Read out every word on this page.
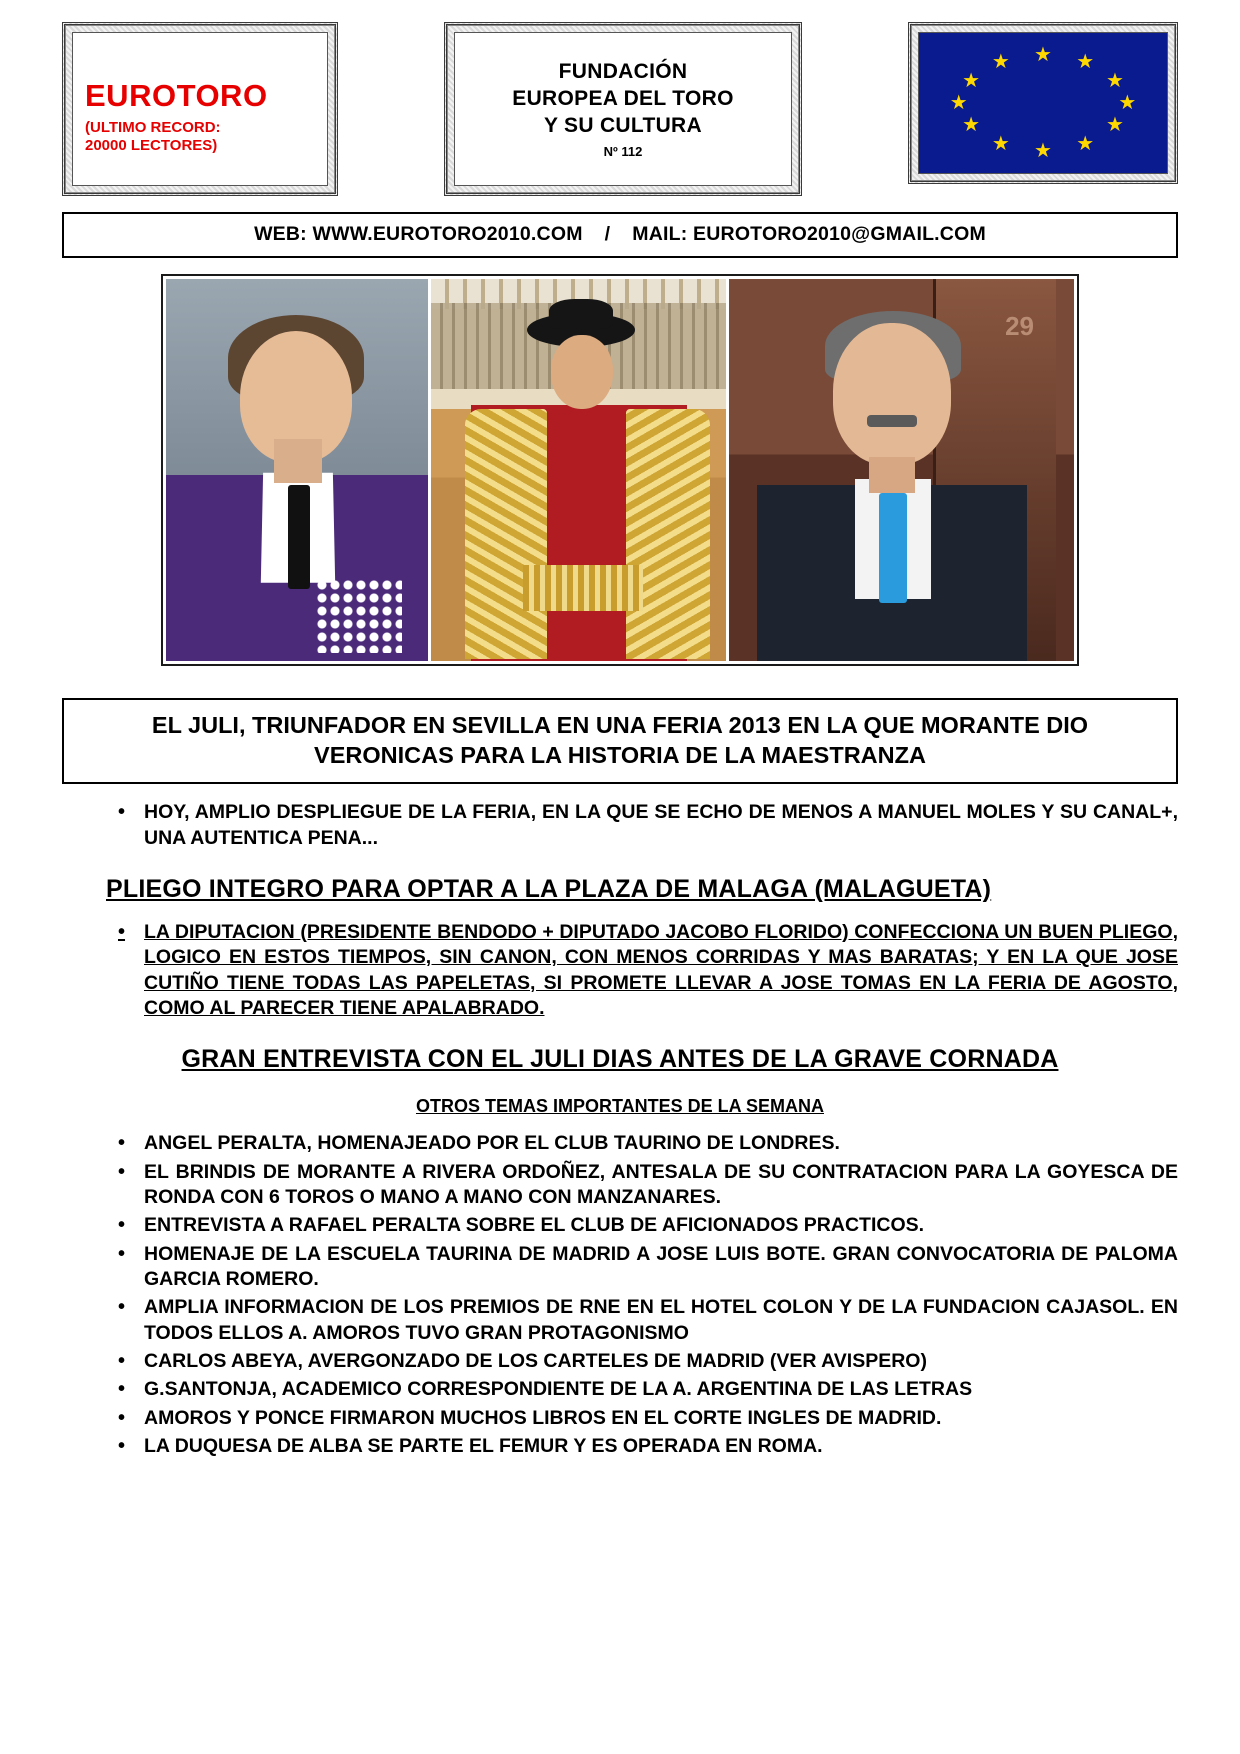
EUROTORO
(ULTIMO RECORD:
20000 LECTORES)
FUNDACIÓN
EUROPEA DEL TORO
Y SU CULTURA
Nº 112
★ ★
★
★
★
★
★
★
★
★
★
★
WEB: WWW.EUROTORO2010.COM / MAIL: EUROTORO2010@GMAIL.COM
29
EL JULI, TRIUNFADOR EN SEVILLA EN UNA FERIA 2013 EN LA QUE MORANTE DIO VERONICAS PARA LA HISTORIA DE LA MAESTRANZA
• HOY, AMPLIO DESPLIEGUE DE LA FERIA, EN LA QUE SE ECHO DE MENOS A MANUEL MOLES Y SU CANAL+, UNA AUTENTICA PENA...
PLIEGO INTEGRO PARA OPTAR A LA PLAZA DE MALAGA (MALAGUETA)
• LA DIPUTACION (PRESIDENTE BENDODO + DIPUTADO JACOBO FLORIDO) CONFECCIONA UN BUEN PLIEGO, LOGICO EN ESTOS TIEMPOS, SIN CANON, CON MENOS CORRIDAS Y MAS BARATAS; Y EN LA QUE JOSE CUTIÑO TIENE TODAS LAS PAPELETAS, SI PROMETE LLEVAR A JOSE TOMAS EN LA FERIA DE AGOSTO, COMO AL PARECER TIENE APALABRADO.
GRAN ENTREVISTA CON EL JULI DIAS ANTES DE LA GRAVE CORNADA
OTROS TEMAS IMPORTANTES DE LA SEMANA
• ANGEL PERALTA, HOMENAJEADO POR EL CLUB TAURINO DE LONDRES.
• EL BRINDIS DE MORANTE A RIVERA ORDOÑEZ, ANTESALA DE SU CONTRATACION PARA LA GOYESCA DE RONDA CON 6 TOROS O MANO A MANO CON MANZANARES.
• ENTREVISTA A RAFAEL PERALTA SOBRE EL CLUB DE AFICIONADOS PRACTICOS.
• HOMENAJE DE LA ESCUELA TAURINA DE MADRID A JOSE LUIS BOTE. GRAN CONVOCATORIA DE PALOMA GARCIA ROMERO.
• AMPLIA INFORMACION DE LOS PREMIOS DE RNE EN EL HOTEL COLON Y DE LA FUNDACION CAJASOL. EN TODOS ELLOS A. AMOROS TUVO GRAN PROTAGONISMO
• CARLOS ABEYA, AVERGONZADO DE LOS CARTELES DE MADRID (VER AVISPERO)
• G.SANTONJA, ACADEMICO CORRESPONDIENTE DE LA A. ARGENTINA DE LAS LETRAS
• AMOROS Y PONCE FIRMARON MUCHOS LIBROS EN EL CORTE INGLES DE MADRID.
• LA DUQUESA DE ALBA SE PARTE EL FEMUR Y ES OPERADA EN ROMA.
